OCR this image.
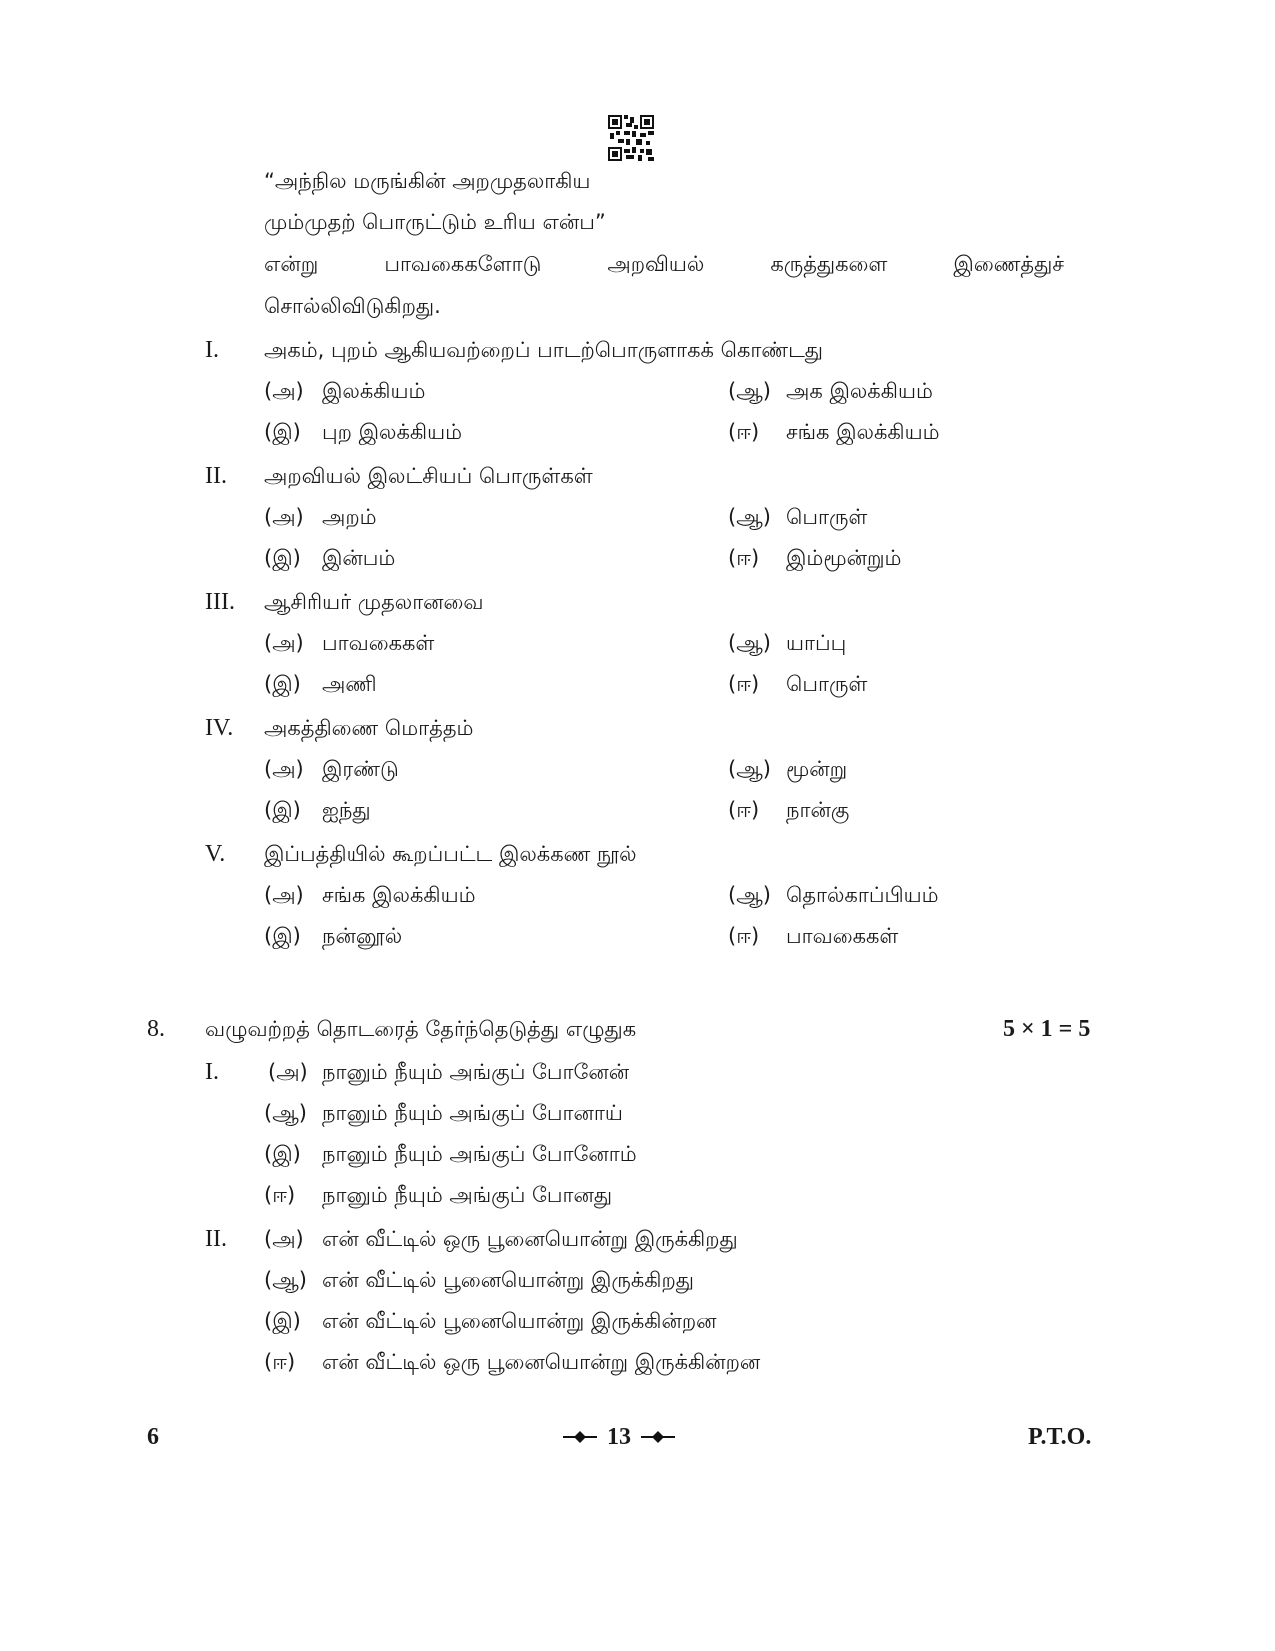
“அந்நில மருங்கின் அறமுதலாகிய
மும்முதற் பொருட்டும் உரிய என்ப”
என்று	பாவகைகளோடு	அறவியல்	கருத்துகளை	இணைத்துச்
சொல்லிவிடுகிறது.
I. அகம், புறம் ஆகியவற்றைப் பாடற்பொருளாகக் கொண்டது
(அ) இலக்கியம்	(ஆ) அக இலக்கியம்
(இ) புற இலக்கியம்	(ஈ) சங்க இலக்கியம்
II. அறவியல் இலட்சியப் பொருள்கள்
(அ) அறம்	(ஆ) பொருள்
(இ) இன்பம்	(ஈ) இம்மூன்றும்
III. ஆசிரியர் முதலானவை
(அ) பாவகைகள்	(ஆ) யாப்பு
(இ) அணி	(ஈ) பொருள்
IV. அகத்திணை மொத்தம்
(அ) இரண்டு	(ஆ) மூன்று
(இ) ஐந்து	(ஈ) நான்கு
V. இப்பத்தியில் கூறப்பட்ட இலக்கண நூல்
(அ) சங்க இலக்கியம்	(ஆ) தொல்காப்பியம்
(இ) நன்னூல்	(ஈ) பாவகைகள்
8. வழுவற்றத் தொடரைத் தேர்ந்தெடுத்து எழுதுக	5 × 1 = 5
I. (அ) நானும் நீயும் அங்குப் போனேன்
(ஆ) நானும் நீயும் அங்குப் போனாய்
(இ) நானும் நீயும் அங்குப் போனோம்
(ஈ) நானும் நீயும் அங்குப் போனது
II. (அ) என் வீட்டில் ஒரு பூனையொன்று இருக்கிறது
(ஆ) என் வீட்டில் பூனையொன்று இருக்கிறது
(இ) என் வீட்டில் பூனையொன்று இருக்கின்றன
(ஈ) என் வீட்டில் ஒரு பூனையொன்று இருக்கின்றன
6	13	P.T.O.
